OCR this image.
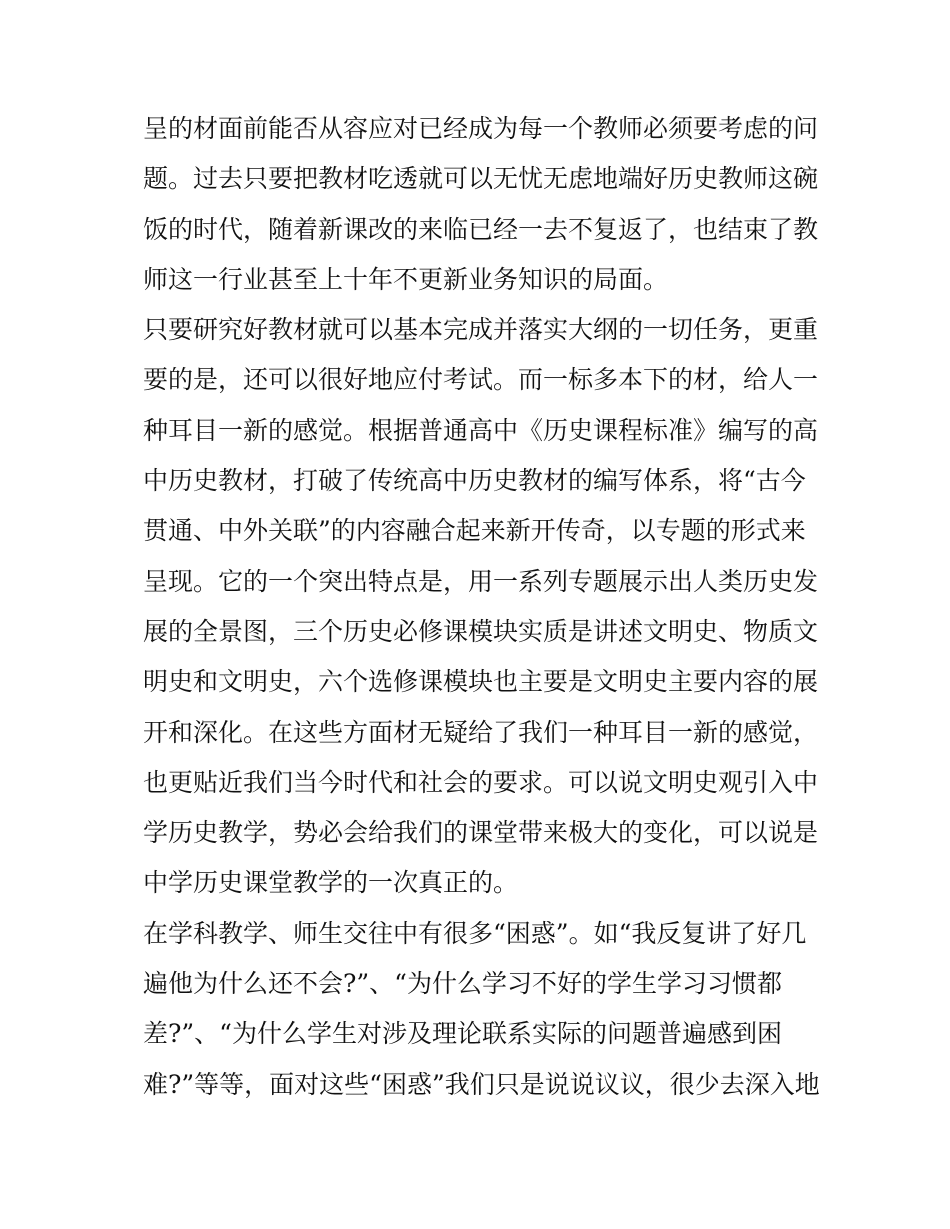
呈的材面前能否从容应对已经成为每一个教师必须要考虑的问
题。过去只要把教材吃透就可以无忧无虑地端好历史教师这碗
饭的时代，随着新课改的来临已经一去不复返了，也结束了教
师这一行业甚至上十年不更新业务知识的局面。
只要研究好教材就可以基本完成并落实大纲的一切任务，更重
要的是，还可以很好地应付考试。而一标多本下的材，给人一
种耳目一新的感觉。根据普通高中《历史课程标准》编写的高
中历史教材，打破了传统高中历史教材的编写体系，将“古今
贯通、中外关联”的内容融合起来新开传奇，以专题的形式来
呈现。它的一个突出特点是，用一系列专题展示出人类历史发
展的全景图，三个历史必修课模块实质是讲述文明史、物质文
明史和文明史，六个选修课模块也主要是文明史主要内容的展
开和深化。在这些方面材无疑给了我们一种耳目一新的感觉，
也更贴近我们当今时代和社会的要求。可以说文明史观引入中
学历史教学，势必会给我们的课堂带来极大的变化，可以说是
中学历史课堂教学的一次真正的。
在学科教学、师生交往中有很多“困惑”。如“我反复讲了好几
遍他为什么还不会?”、“为什么学习不好的学生学习习惯都
差?”、“为什么学生对涉及理论联系实际的问题普遍感到困
难?”等等，面对这些“困惑”我们只是说说议议，很少去深入地
